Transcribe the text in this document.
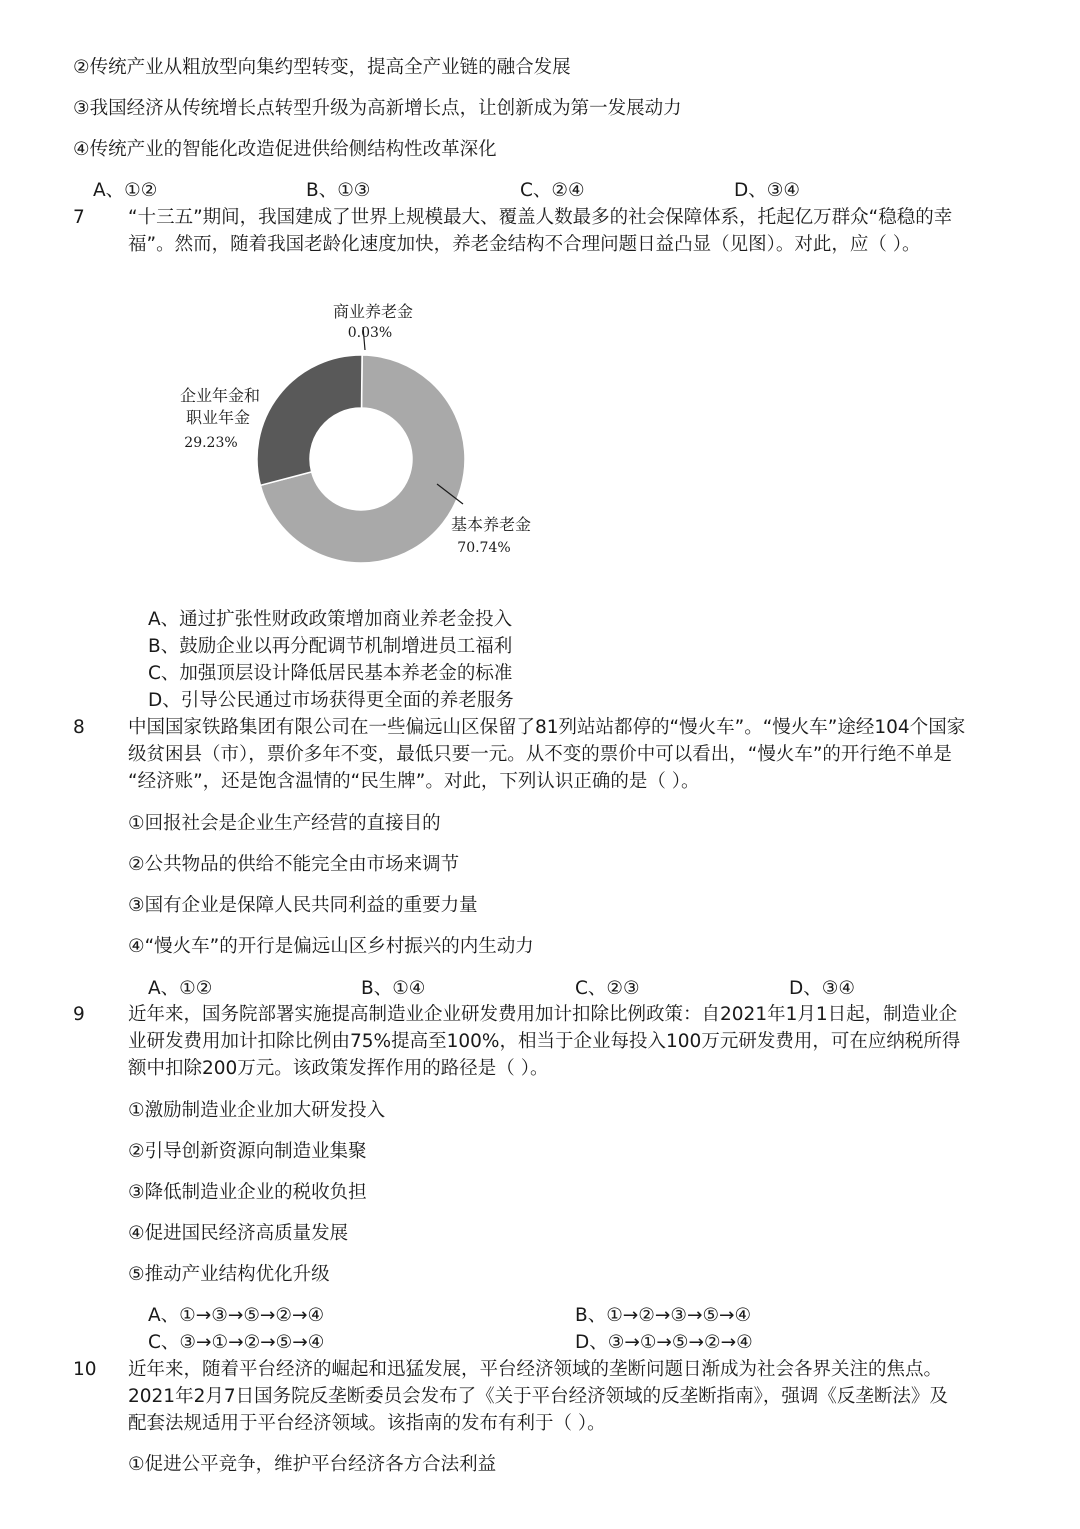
②传统产业从粗放型向集约型转变，提高全产业链的融合发展
③我国经济从传统增长点转型升级为高新增长点，让创新成为第一发展动力
④传统产业的智能化改造促进供给侧结构性改革深化
A、①②	B、①③	C、②④	D、③④
7 “十三五”期间，我国建成了世界上规模最大、覆盖人数最多的社会保障体系，托起亿万群众“稳稳的幸
福”。然而，随着我国老龄化速度加快，养老金结构不合理问题日益凸显（见图）。对此，应（ ）。
商业养老金
0.03%
企业年金和
职业年金
29.23%
基本养老金
70.74%
A、通过扩张性财政政策增加商业养老金投入
B、鼓励企业以再分配调节机制增进员工福利
C、加强顶层设计降低居民基本养老金的标准
D、引导公民通过市场获得更全面的养老服务
8 中国国家铁路集团有限公司在一些偏远山区保留了81列站站都停的“慢火车”。“慢火车”途经104个国家
级贫困县（市），票价多年不变，最低只要一元。从不变的票价中可以看出，“慢火车”的开行绝不单是
“经济账”，还是饱含温情的“民生牌”。对此，下列认识正确的是（ ）。
①回报社会是企业生产经营的直接目的
②公共物品的供给不能完全由市场来调节
③国有企业是保障人民共同利益的重要力量
④“慢火车”的开行是偏远山区乡村振兴的内生动力
A、①②	B、①④	C、②③	D、③④
9 近年来，国务院部署实施提高制造业企业研发费用加计扣除比例政策：自2021年1月1日起，制造业企
业研发费用加计扣除比例由75%提高至100%，相当于企业每投入100万元研发费用，可在应纳税所得
额中扣除200万元。该政策发挥作用的路径是（ ）。
①激励制造业企业加大研发投入
②引导创新资源向制造业集聚
③降低制造业企业的税收负担
④促进国民经济高质量发展
⑤推动产业结构优化升级
A、①→③→⑤→②→④	B、①→②→③→⑤→④
C、③→①→②→⑤→④	D、③→①→⑤→②→④
10 近年来，随着平台经济的崛起和迅猛发展，平台经济领域的垄断问题日渐成为社会各界关注的焦点。
2021年2月7日国务院反垄断委员会发布了《关于平台经济领域的反垄断指南》，强调《反垄断法》及
配套法规适用于平台经济领域。该指南的发布有利于（ ）。
①促进公平竞争，维护平台经济各方合法利益
